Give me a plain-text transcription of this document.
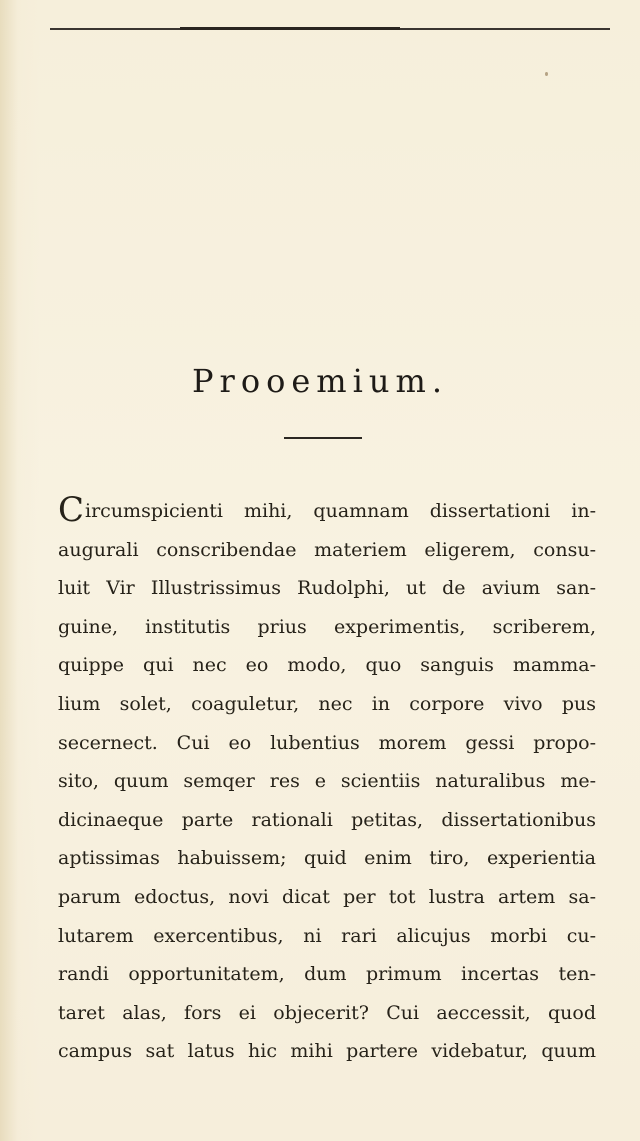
Prooemium.
Circumspicienti mihi, quamnam dissertationi in-
augurali conscribendae materiem eligerem, consu-
luit Vir Illustrissimus Rudolphi, ut de avium san-
guine, institutis prius experimentis, scriberem,
quippe qui nec eo modo, quo sanguis mamma-
lium solet, coaguletur, nec in corpore vivo pus
secernect. Cui eo lubentius morem gessi propo-
sito, quum semqer res e scientiis naturalibus me-
dicinaeque parte rationali petitas, dissertationibus
aptissimas habuissem; quid enim tiro, experientia
parum edoctus, novi dicat per tot lustra artem sa-
lutarem exercentibus, ni rari alicujus morbi cu-
randi opportunitatem, dum primum incertas ten-
taret alas, fors ei objecerit? Cui aeccessit, quod
campus sat latus hic mihi partere videbatur, quum
